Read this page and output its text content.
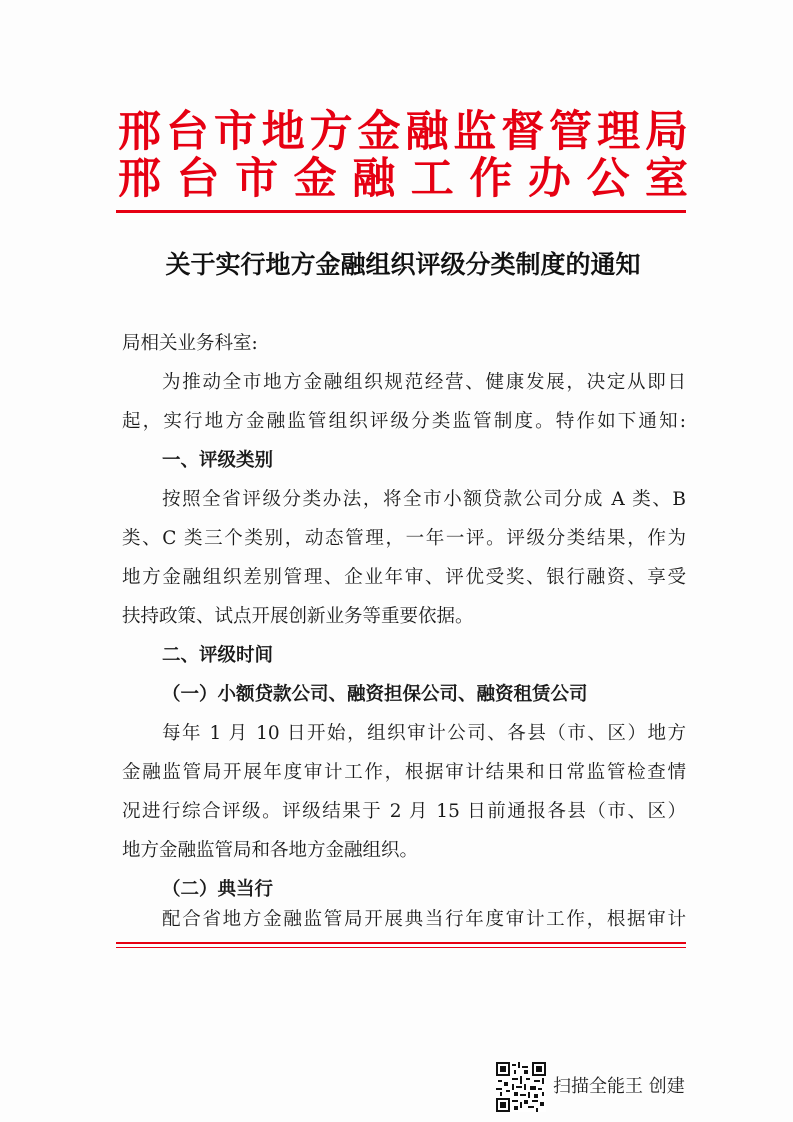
邢台市地方金融监督管理局
邢台市金融工作办公室
关于实行地方金融组织评级分类制度的通知
局相关业务科室:
为推动全市地方金融组织规范经营、健康发展，决定从即日
起，实行地方金融监管组织评级分类监管制度。特作如下通知:
一、评级类别
按照全省评级分类办法，将全市小额贷款公司分成 A 类、B
类、C 类三个类别，动态管理，一年一评。评级分类结果，作为
地方金融组织差别管理、企业年审、评优受奖、银行融资、享受
扶持政策、试点开展创新业务等重要依据。
二、评级时间
（一）小额贷款公司、融资担保公司、融资租赁公司
每年 1 月 10 日开始，组织审计公司、各县（市、区）地方
金融监管局开展年度审计工作，根据审计结果和日常监管检查情
况进行综合评级。评级结果于 2 月 15 日前通报各县（市、区）
地方金融监管局和各地方金融组织。
（二）典当行
配合省地方金融监管局开展典当行年度审计工作，根据审计
扫描全能王 创建
